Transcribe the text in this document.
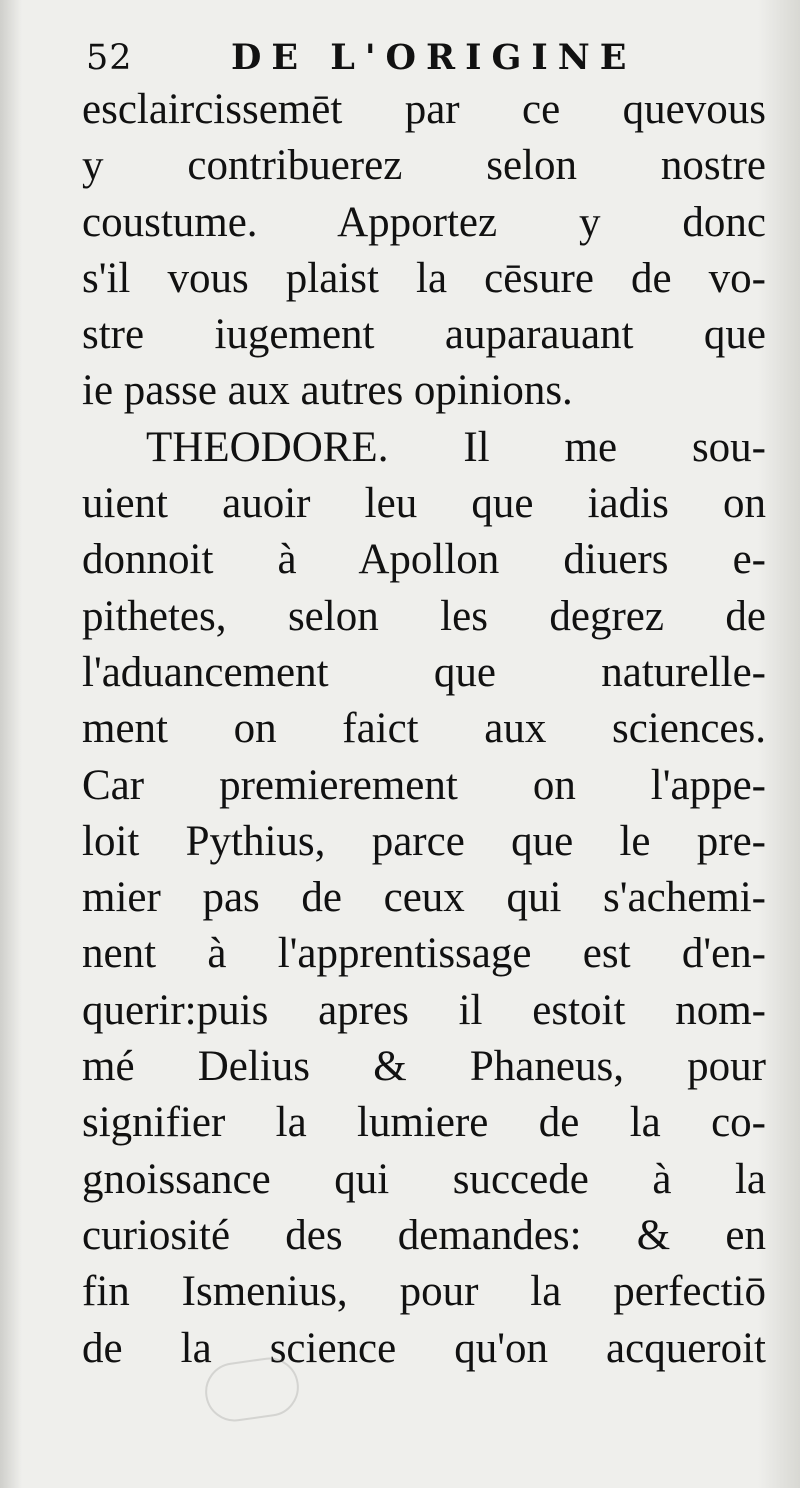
52	DE L'ORIGINE
esclaircissemēt par ce quevous
y contribuerez selon nostre
coustume. Apportez y donc
s'il vous plaist la cēsure de vo-
stre iugement auparauant que
ie passe aux autres opinions.
THEODORE. Il me sou-
uient auoir leu que iadis on
donnoit à Apollon diuers e-
pithetes, selon les degrez de
l'aduancement que naturelle-
ment on faict aux sciences.
Car premierement on l'appe-
loit Pythius, parce que le pre-
mier pas de ceux qui s'achemi-
nent à l'apprentissage est d'en-
querir:puis apres il estoit nom-
mé Delius & Phaneus, pour
signifier la lumiere de la co-
gnoissance qui succede à la
curiosité des demandes: & en
fin Ismenius, pour la perfectiō
de la science qu'on acqueroit
